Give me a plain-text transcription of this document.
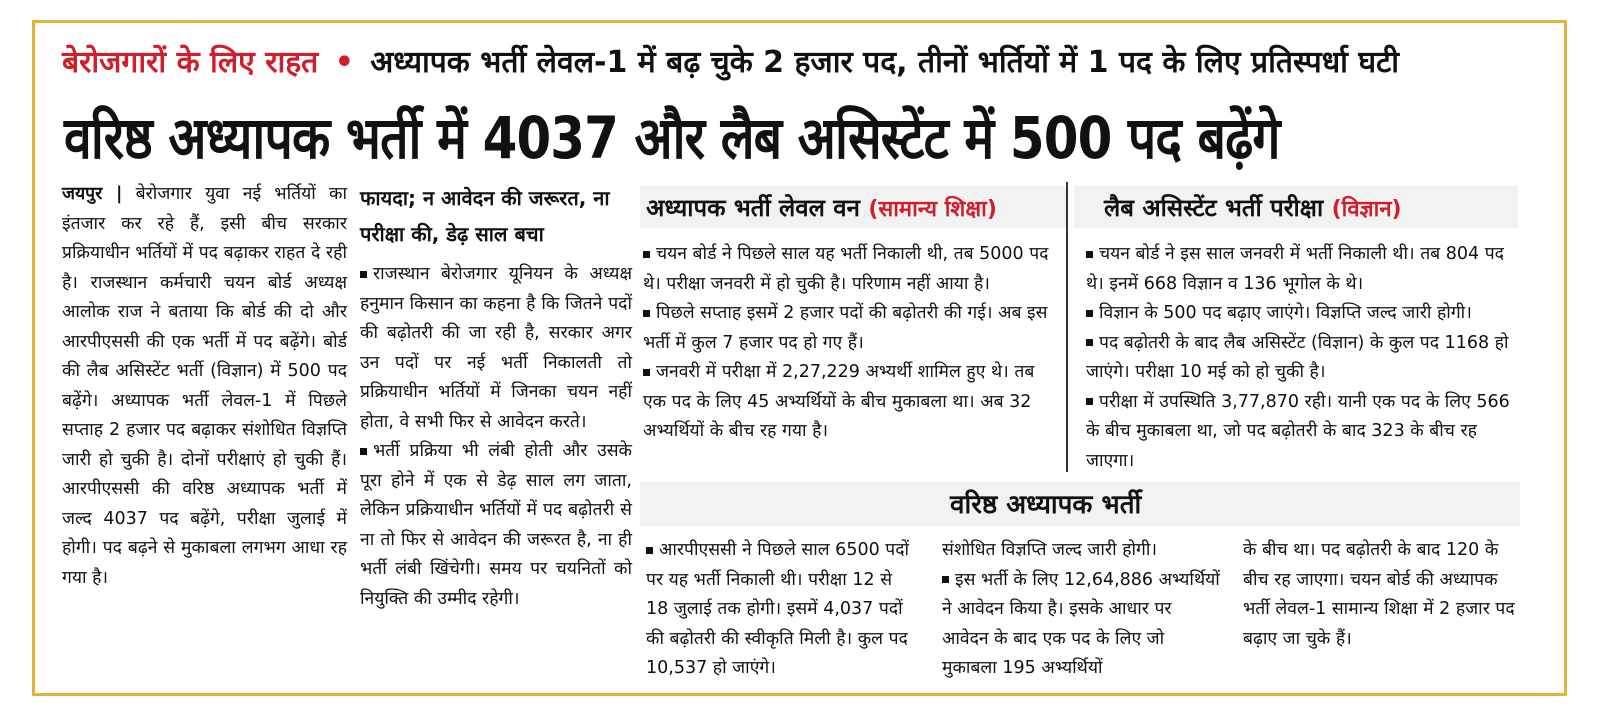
बेरोजगारों के लिए राहत • अध्यापक भर्ती लेवल-1 में बढ़ चुके 2 हजार पद, तीनों भर्तियों में 1 पद के लिए प्रतिस्पर्धा घटी
वरिष्ठ अध्यापक भर्ती में 4037 और लैब असिस्टेंट में 500 पद बढ़ेंगे

जयपुर | बेरोजगार युवा नई भर्तियों का इंतजार कर रहे हैं, इसी बीच सरकार प्रक्रियाधीन भर्तियों में पद बढ़ाकर राहत दे रही है। राजस्थान कर्मचारी चयन बोर्ड अध्यक्ष आलोक राज ने बताया कि बोर्ड की दो और आरपीएससी की एक भर्ती में पद बढ़ेंगे। बोर्ड की लैब असिस्टेंट भर्ती (विज्ञान) में 500 पद बढ़ेंगे। अध्यापक भर्ती लेवल-1 में पिछले सप्ताह 2 हजार पद बढ़ाकर संशोधित विज्ञप्ति जारी हो चुकी है। दोनों परीक्षाएं हो चुकी हैं। आरपीएससी की वरिष्ठ अध्यापक भर्ती में जल्द 4037 पद बढ़ेंगे, परीक्षा जुलाई में होगी। पद बढ़ने से मुकाबला लगभग आधा रह गया है।

फायदा; न आवेदन की जरूरत, ना परीक्षा की, डेढ़ साल बचा

राजस्थान बेरोजगार यूनियन के अध्यक्ष हनुमान किसान का कहना है कि जितने पदों की बढ़ोतरी की जा रही है, सरकार अगर उन पदों पर नई भर्ती निकालती तो प्रक्रियाधीन भर्तियों में जिनका चयन नहीं होता, वे सभी फिर से आवेदन करते।

भर्ती प्रक्रिया भी लंबी होती और उसके पूरा होने में एक से डेढ़ साल लग जाता, लेकिन प्रक्रियाधीन भर्तियों में पद बढ़ोतरी से ना तो फिर से आवेदन की जरूरत है, ना ही भर्ती लंबी खिंचेगी। समय पर चयनितों को नियुक्ति की उम्मीद रहेगी।

अध्यापक भर्ती लेवल वन (सामान्य शिक्षा)	लैब असिस्टेंट भर्ती परीक्षा (विज्ञान)

चयन बोर्ड ने पिछले साल यह भर्ती निकाली थी, तब 5000 पद थे। परीक्षा जनवरी में हो चुकी है। परिणाम नहीं आया है।

पिछले सप्ताह इसमें 2 हजार पदों की बढ़ोतरी की गई। अब इस भर्ती में कुल 7 हजार पद हो गए हैं।

जनवरी में परीक्षा में 2,27,229 अभ्यर्थी शामिल हुए थे। तब एक पद के लिए 45 अभ्यर्थियों के बीच मुकाबला था। अब 32 अभ्यर्थियों के बीच रह गया है।

चयन बोर्ड ने इस साल जनवरी में भर्ती निकाली थी। तब 804 पद थे। इनमें 668 विज्ञान व 136 भूगोल के थे।

विज्ञान के 500 पद बढ़ाए जाएंगे। विज्ञप्ति जल्द जारी होगी।

पद बढ़ोतरी के बाद लैब असिस्टेंट (विज्ञान) के कुल पद 1168 हो जाएंगे। परीक्षा 10 मई को हो चुकी है।

परीक्षा में उपस्थिति 3,77,870 रही। यानी एक पद के लिए 566 के बीच मुकाबला था, जो पद बढ़ोतरी के बाद 323 के बीच रह जाएगा।

वरिष्ठ अध्यापक भर्ती

आरपीएससी ने पिछले साल 6500 पदों पर यह भर्ती निकाली थी। परीक्षा 12 से 18 जुलाई तक होगी। इसमें 4,037 पदों की बढ़ोतरी की स्वीकृति मिली है। कुल पद 10,537 हो जाएंगे।

संशोधित विज्ञप्ति जल्द जारी होगी।

इस भर्ती के लिए 12,64,886 अभ्यर्थियों ने आवेदन किया है। इसके आधार पर आवेदन के बाद एक पद के लिए जो मुकाबला 195 अभ्यर्थियों

के बीच था। पद बढ़ोतरी के बाद 120 के बीच रह जाएगा। चयन बोर्ड की अध्यापक भर्ती लेवल-1 सामान्य शिक्षा में 2 हजार पद बढ़ाए जा चुके हैं।
